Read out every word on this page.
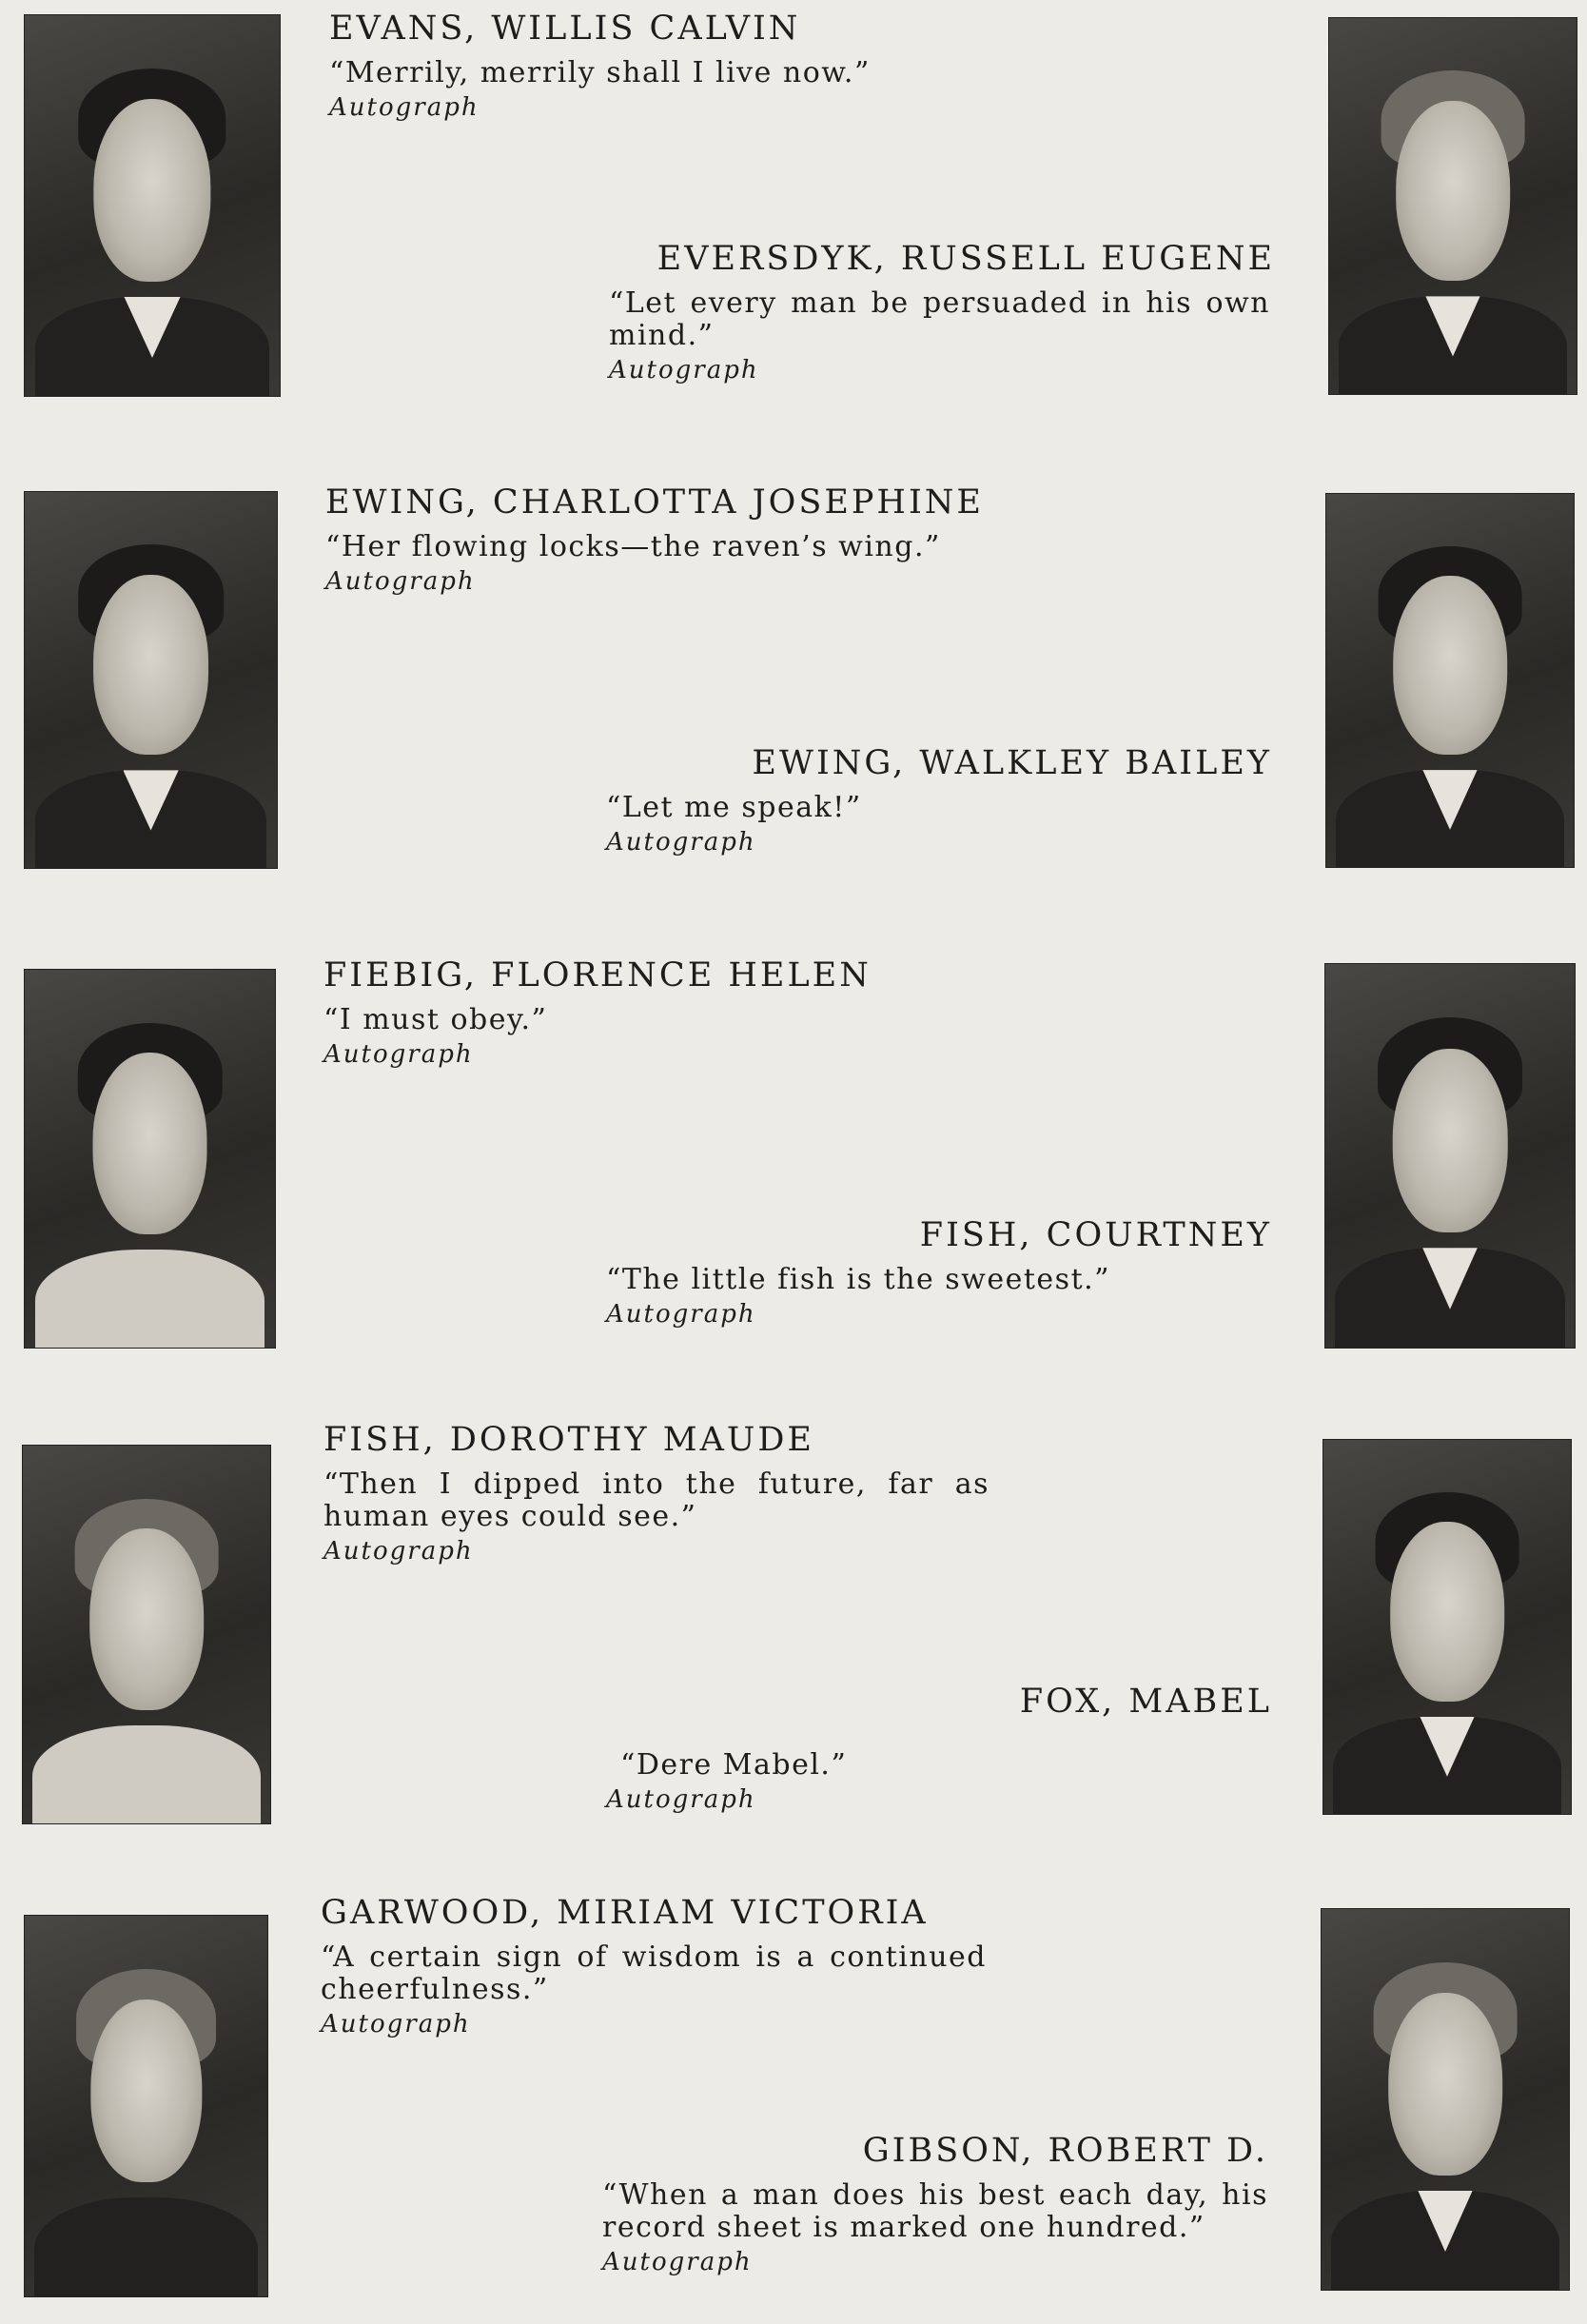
EVANS, WILLIS CALVIN
“Merrily, merrily shall I live now.”
Autograph
EVERSDYK, RUSSELL EUGENE
“Let every man be persuaded in his own mind.”
Autograph
EWING, CHARLOTTA JOSEPHINE
“Her flowing locks—the raven’s wing.”
Autograph
EWING, WALKLEY BAILEY
“Let me speak!”
Autograph
FIEBIG, FLORENCE HELEN
“I must obey.”
Autograph
FISH, COURTNEY
“The little fish is the sweetest.”
Autograph
FISH, DOROTHY MAUDE
“Then I dipped into the future, far as human eyes could see.”
Autograph
FOX, MABEL
“Dere Mabel.”
Autograph
GARWOOD, MIRIAM VICTORIA
“A certain sign of wisdom is a continued cheerfulness.”
Autograph
GIBSON, ROBERT D.
“When a man does his best each day, his record sheet is marked one hundred.”
Autograph
